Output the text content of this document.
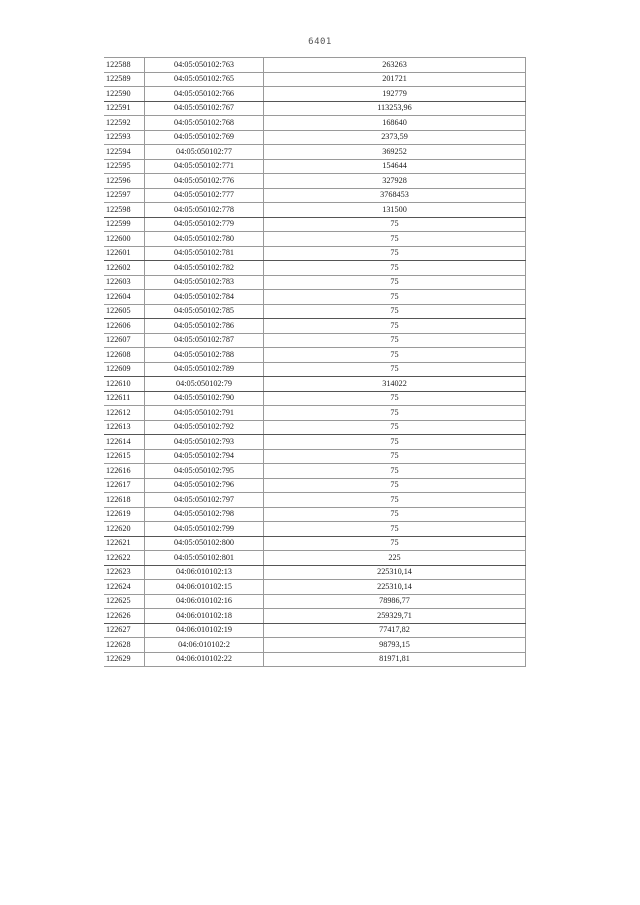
6401
122588	04:05:050102:763	263263
122589	04:05:050102:765	201721
122590	04:05:050102:766	192779
122591	04:05:050102:767	113253,96
122592	04:05:050102:768	168640
122593	04:05:050102:769	2373,59
122594	04:05:050102:77	369252
122595	04:05:050102:771	154644
122596	04:05:050102:776	327928
122597	04:05:050102:777	3768453
122598	04:05:050102:778	131500
122599	04:05:050102:779	75
122600	04:05:050102:780	75
122601	04:05:050102:781	75
122602	04:05:050102:782	75
122603	04:05:050102:783	75
122604	04:05:050102:784	75
122605	04:05:050102:785	75
122606	04:05:050102:786	75
122607	04:05:050102:787	75
122608	04:05:050102:788	75
122609	04:05:050102:789	75
122610	04:05:050102:79	314022
122611	04:05:050102:790	75
122612	04:05:050102:791	75
122613	04:05:050102:792	75
122614	04:05:050102:793	75
122615	04:05:050102:794	75
122616	04:05:050102:795	75
122617	04:05:050102:796	75
122618	04:05:050102:797	75
122619	04:05:050102:798	75
122620	04:05:050102:799	75
122621	04:05:050102:800	75
122622	04:05:050102:801	225
122623	04:06:010102:13	225310,14
122624	04:06:010102:15	225310,14
122625	04:06:010102:16	78986,77
122626	04:06:010102:18	259329,71
122627	04:06:010102:19	77417,82
122628	04:06:010102:2	98793,15
122629	04:06:010102:22	81971,81
